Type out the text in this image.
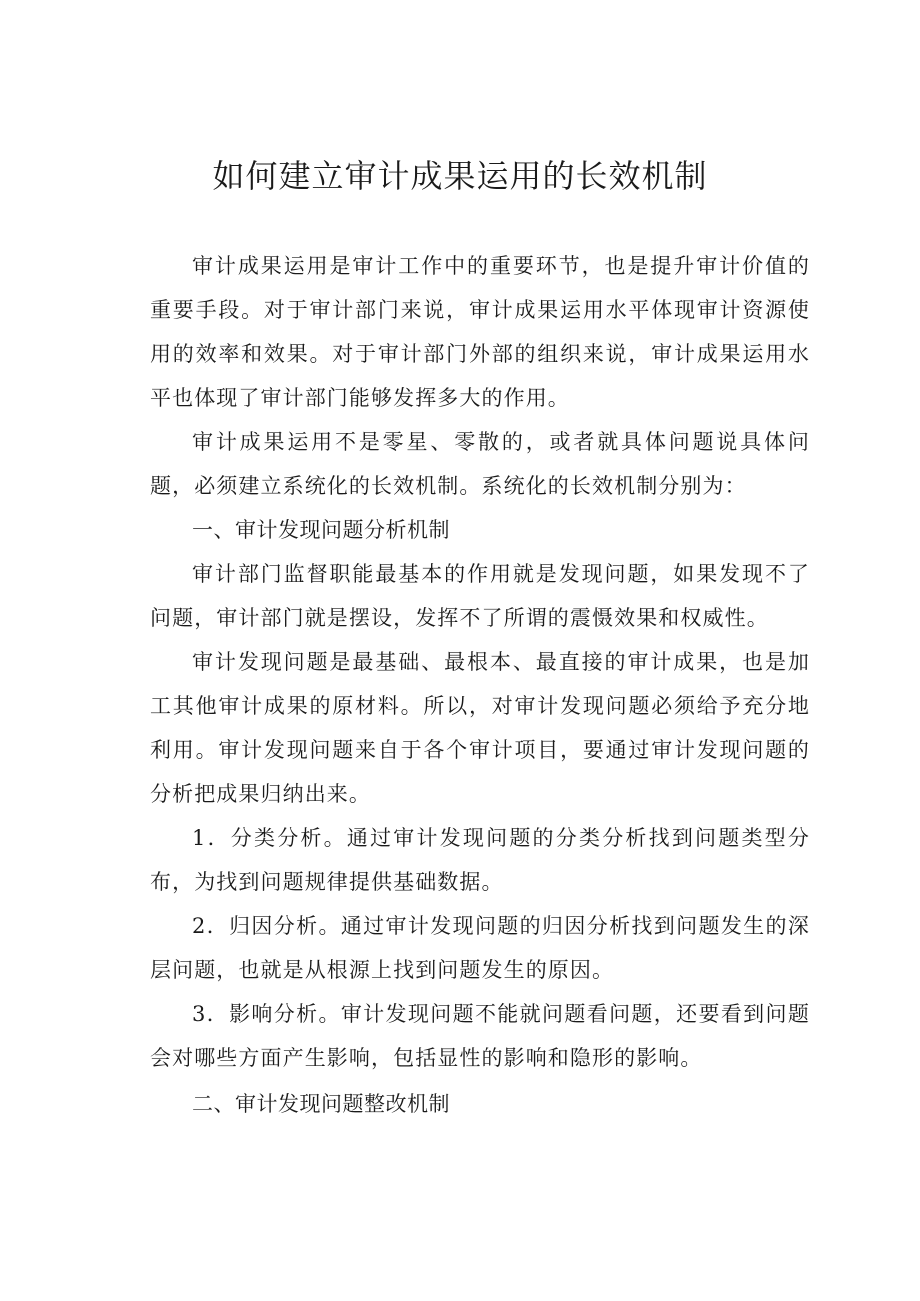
如何建立审计成果运用的长效机制

审计成果运用是审计工作中的重要环节，也是提升审计价值的重要手段。对于审计部门来说，审计成果运用水平体现审计资源使用的效率和效果。对于审计部门外部的组织来说，审计成果运用水平也体现了审计部门能够发挥多大的作用。

审计成果运用不是零星、零散的，或者就具体问题说具体问题，必须建立系统化的长效机制。系统化的长效机制分别为：

一、审计发现问题分析机制

审计部门监督职能最基本的作用就是发现问题，如果发现不了问题，审计部门就是摆设，发挥不了所谓的震慑效果和权威性。

审计发现问题是最基础、最根本、最直接的审计成果，也是加工其他审计成果的原材料。所以，对审计发现问题必须给予充分地利用。审计发现问题来自于各个审计项目，要通过审计发现问题的分析把成果归纳出来。

1．分类分析。通过审计发现问题的分类分析找到问题类型分布，为找到问题规律提供基础数据。

2．归因分析。通过审计发现问题的归因分析找到问题发生的深层问题，也就是从根源上找到问题发生的原因。

3．影响分析。审计发现问题不能就问题看问题，还要看到问题会对哪些方面产生影响，包括显性的影响和隐形的影响。

二、审计发现问题整改机制
